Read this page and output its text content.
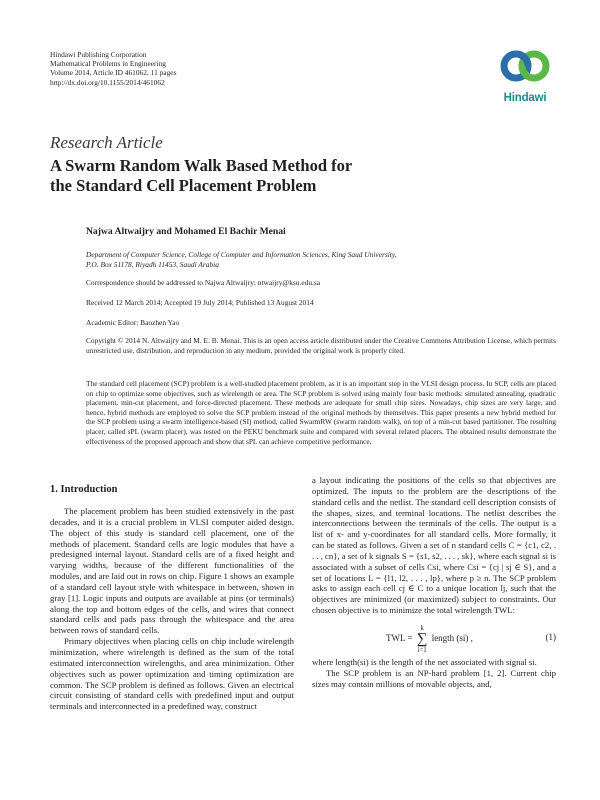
Hindawi Publishing Corporation
Mathematical Problems in Engineering
Volume 2014, Article ID 461062, 11 pages
http://dx.doi.org/10.1155/2014/461062
Hindawi
Research Article
A Swarm Random Walk Based Method for
the Standard Cell Placement Problem
Najwa Altwaijry and Mohamed El Bachir Menai
Department of Computer Science, College of Computer and Information Sciences, King Saud University,
P.O. Box 51178, Riyadh 11453, Saudi Arabia
Correspondence should be addressed to Najwa Altwaijry; ntwaijry@ksu.edu.sa
Received 12 March 2014; Accepted 19 July 2014; Published 13 August 2014
Academic Editor: Baozhen Yao
Copyright © 2014 N. Altwaijry and M. E. B. Menai. This is an open access article distributed under the Creative Commons Attribution License, which permits unrestricted use, distribution, and reproduction in any medium, provided the original work is properly cited.
The standard cell placement (SCP) problem is a well-studied placement problem, as it is an important step in the VLSI design process. In SCP, cells are placed on chip to optimize some objectives, such as wirelength or area. The SCP problem is solved using mainly four basic methods: simulated annealing, quadratic placement, min-cut placement, and force-directed placement. These methods are adequate for small chip sizes. Nowadays, chip sizes are very large, and hence, hybrid methods are employed to solve the SCP problem instead of the original methods by themselves. This paper presents a new hybrid method for the SCP problem using a swarm intelligence-based (SI) method, called SwarmRW (swarm random walk), on top of a min-cut based partitioner. The resulting placer, called sPL (swarm placer), was tested on the PEKU benchmark suite and compared with several related placers. The obtained results demonstrate the effectiveness of the proposed approach and show that sPL can achieve competitive performance.
1. Introduction

The placement problem has been studied extensively in the past decades, and it is a crucial problem in VLSI computer aided design. The object of this study is standard cell placement, one of the methods of placement. Standard cells are logic modules that have a predesigned internal layout. Standard cells are of a fixed height and varying widths, because of the different functionalities of the modules, and are laid out in rows on chip. Figure 1 shows an example of a standard cell layout style with whitespace in between, shown in gray [1]. Logic inputs and outputs are available at pins (or terminals) along the top and bottom edges of the cells, and wires that connect standard cells and pads pass through the whitespace and the area between rows of standard cells.

Primary objectives when placing cells on chip include wirelength minimization, where wirelength is defined as the sum of the total estimated interconnection wirelengths, and area minimization. Other objectives such as power optimization and timing optimization are common. The SCP problem is defined as follows. Given an electrical circuit consisting of standard cells with predefined input and output terminals and interconnected in a predefined way, construct

a layout indicating the positions of the cells so that objectives are optimized. The inputs to the problem are the descriptions of the standard cells and the netlist. The standard cell description consists of the shapes, sizes, and terminal locations. The netlist describes the interconnections between the terminals of the cells. The output is a list of x- and y-coordinates for all standard cells. More formally, it can be stated as follows. Given a set of n standard cells C = {c1, c2, . . . , cn}, a set of k signals S = {s1, s2, . . . , sk}, where each signal si is associated with a subset of cells Csi, where Csi = {cj | sj ∈ S}, and a set of locations L = {l1, l2, . . . , lp}, where p ≥ n. The SCP problem asks to assign each cell cj ∈ C to a unique location lj, such that the objectives are minimized (or maximized) subject to constraints. Our chosen objective is to minimize the total wirelength TWL:

TWL =
k
∑
i=1
length (si) ,	(1)

where length(si) is the length of the net associated with signal si.

The SCP problem is an NP-hard problem [1, 2]. Current chip sizes may contain millions of movable objects, and,
